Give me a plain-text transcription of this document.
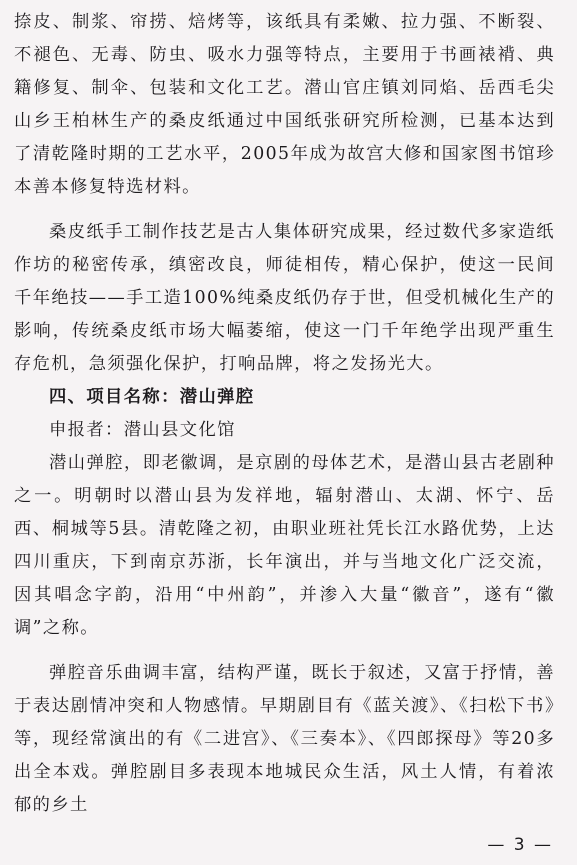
捺皮、制浆、帘捞、焙烤等，该纸具有柔嫩、拉力强、不断裂、不褪色、无毒、防虫、吸水力强等特点，主要用于书画裱褙、典籍修复、制伞、包装和文化工艺。潜山官庄镇刘同焰、岳西毛尖山乡王柏林生产的桑皮纸通过中国纸张研究所检测，已基本达到了清乾隆时期的工艺水平，2005年成为故宫大修和国家图书馆珍本善本修复特选材料。

桑皮纸手工制作技艺是古人集体研究成果，经过数代多家造纸作坊的秘密传承，缜密改良，师徒相传，精心保护，使这一民间千年绝技——手工造100%纯桑皮纸仍存于世，但受机械化生产的影响，传统桑皮纸市场大幅萎缩，使这一门千年绝学出现严重生存危机，急须强化保护，打响品牌，将之发扬光大。

四、项目名称：潜山弹腔

申报者：潜山县文化馆

潜山弹腔，即老徽调，是京剧的母体艺术，是潜山县古老剧种之一。明朝时以潜山县为发祥地，辐射潜山、太湖、怀宁、岳西、桐城等5县。清乾隆之初，由职业班社凭长江水路优势，上达四川重庆，下到南京苏浙，长年演出，并与当地文化广泛交流，因其唱念字韵，沿用“中州韵”，并渗入大量“徽音”，遂有“徽调”之称。

弹腔音乐曲调丰富，结构严谨，既长于叙述，又富于抒情，善于表达剧情冲突和人物感情。早期剧目有《蓝关渡》、《扫松下书》等，现经常演出的有《二进宫》、《三奏本》、《四郎探母》等20多出全本戏。弹腔剧目多表现本地城民众生活，风土人情，有着浓郁的乡土

— 3 —
